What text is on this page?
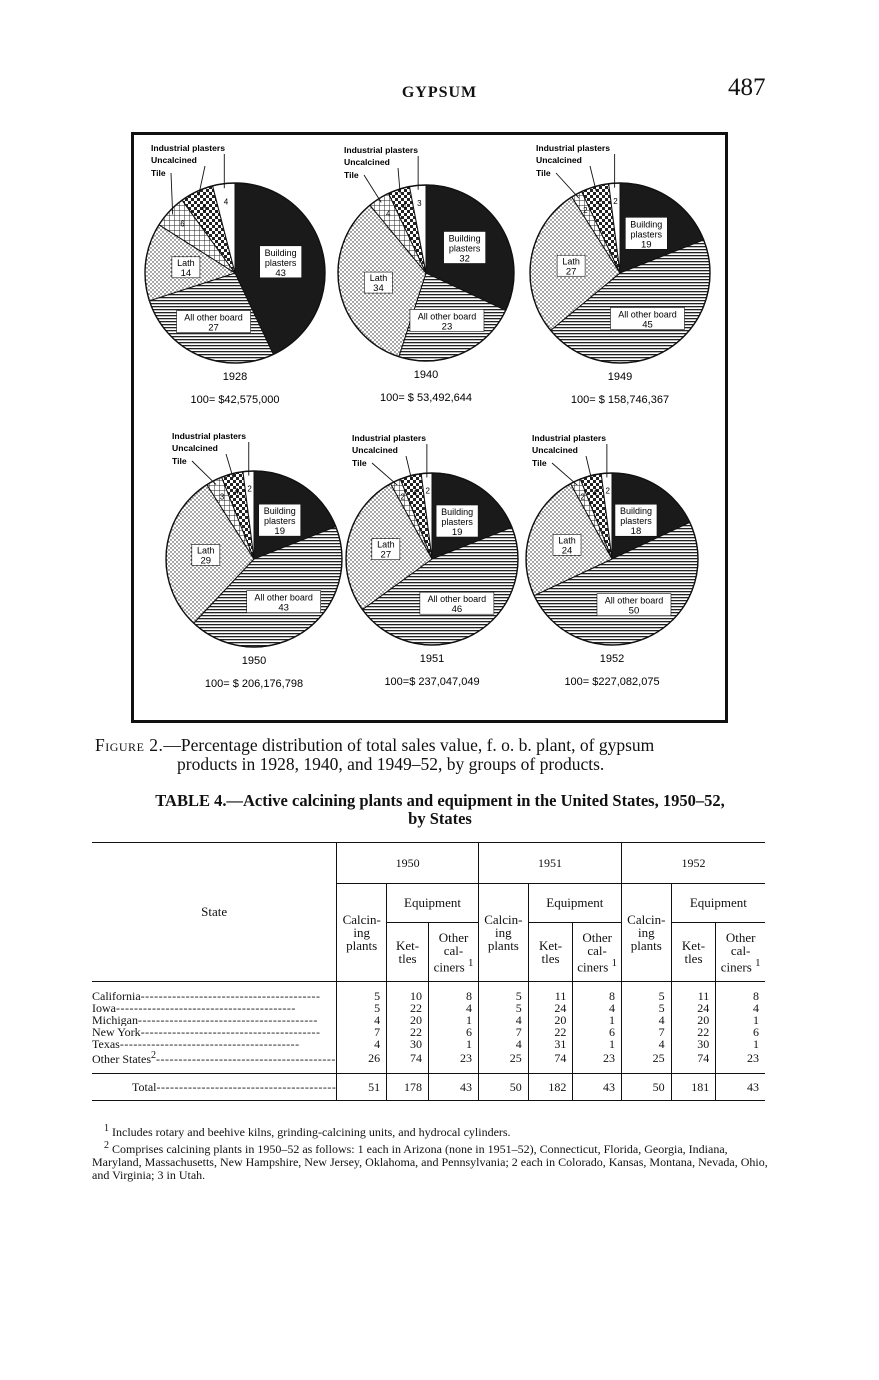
GYPSUM	487
Building
plasters
43
All other board
27
Lath
14
6
6
4
Industrial plasters
Uncalcined
Tile
1928
100= $42,575,000
Building
plasters
32
All other board
23
Lath
34
4
4 3
Industrial plasters
Uncalcined
Tile
1940
100= $ 53,492,644
Building
plasters
19
All other board
45
Lath
27
2
5 2
Industrial plasters
Uncalcined
Tile
1949
100= $ 158,746,367
Building
plasters
19
All other board
43
Lath
29
3
4 2
Industrial plasters
Uncalcined
Tile
1950
100= $ 206,176,798
Building
plasters
19
All other board
46
Lath
27
2 4 2
Industrial plasters
Uncalcined
Tile
1951
100=$ 237,047,049
Building
plasters
18
All other board
50
Lath
24
2 4 2
Industrial plasters
Uncalcined
Tile
1952
100= $227,082,075
Figure 2.—Percentage distribution of total sales value, f. o. b. plant, of gypsum
products in 1928, 1940, and 1949–52, by groups of products.
TABLE 4.—Active calcining plants and equipment in the United States, 1950–52,
by States
State	1950			1951			1952		
	Calcin-
ing
plants	Equipment		Calcin-
ing
plants	Equipment		Calcin-
ing
plants	Equipment	
		Ket-
tles	Other
cal-
ciners $^1$		Ket-
tles	Other
cal-
ciners $^1$		Ket-
tles	Other
cal-
ciners $^1$
California -----	5	10	8	5	11	8	5	11	8
Iowa -----	5	22	4	5	24	4	5	24	4
Michigan -----	4	20	1	4	20	1	4	20	1
New York -----	7	22	6	7	22	6	7	22	6
Texas -----	4	30	1	4	31	1	4	30	1
Other States$^2$ -----	26	74	23	25	74	23	25	74	23
Total -----	51	178	43	50	182	43	50	181	43

$^1$ Includes rotary and beehive kilns, grinding-calcining units, and hydrocal cylinders.

$^2$ Comprises calcining plants in 1950–52 as follows: 1 each in Arizona (none in 1951–52), Connecticut, Florida, Georgia, Indiana, Maryland, Massachusetts, New Hampshire, New Jersey, Oklahoma, and Pennsylvania; 2 each in Colorado, Kansas, Montana, Nevada, Ohio, and Virginia; 3 in Utah.
